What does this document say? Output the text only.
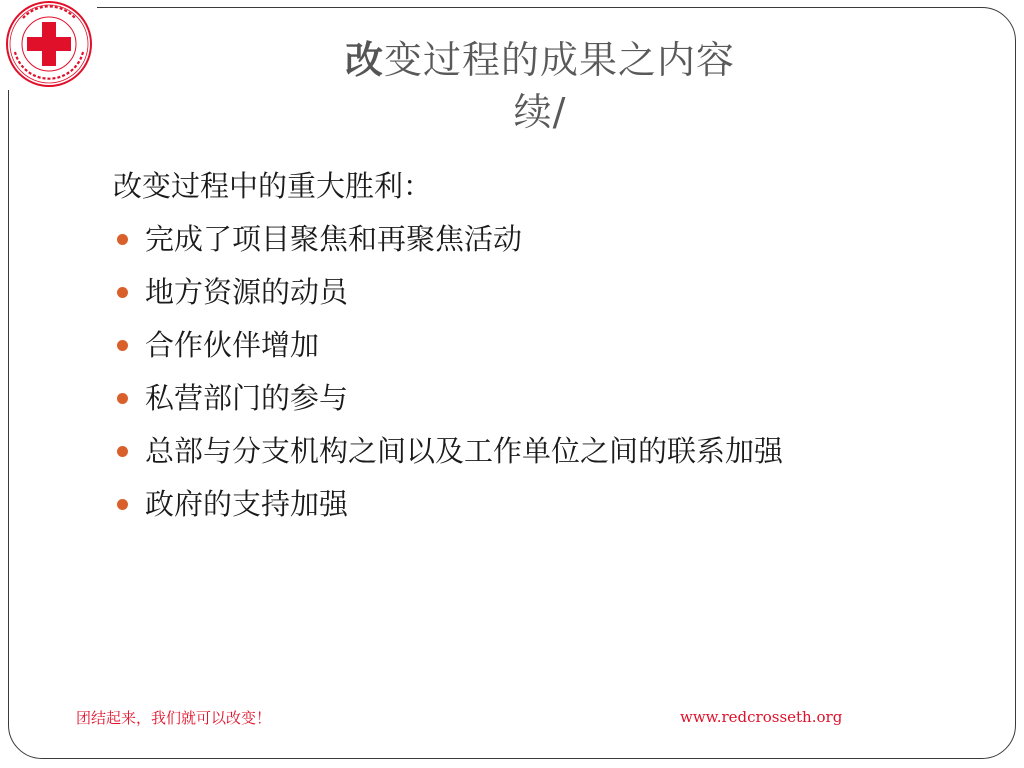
改变过程的成果之内容
续/
改变过程中的重大胜利：
完成了项目聚焦和再聚焦活动
地方资源的动员
合作伙伴增加
私营部门的参与
总部与分支机构之间以及工作单位之间的联系加强
政府的支持加强
团结起来，我们就可以改变！	www.redcrosseth.org
